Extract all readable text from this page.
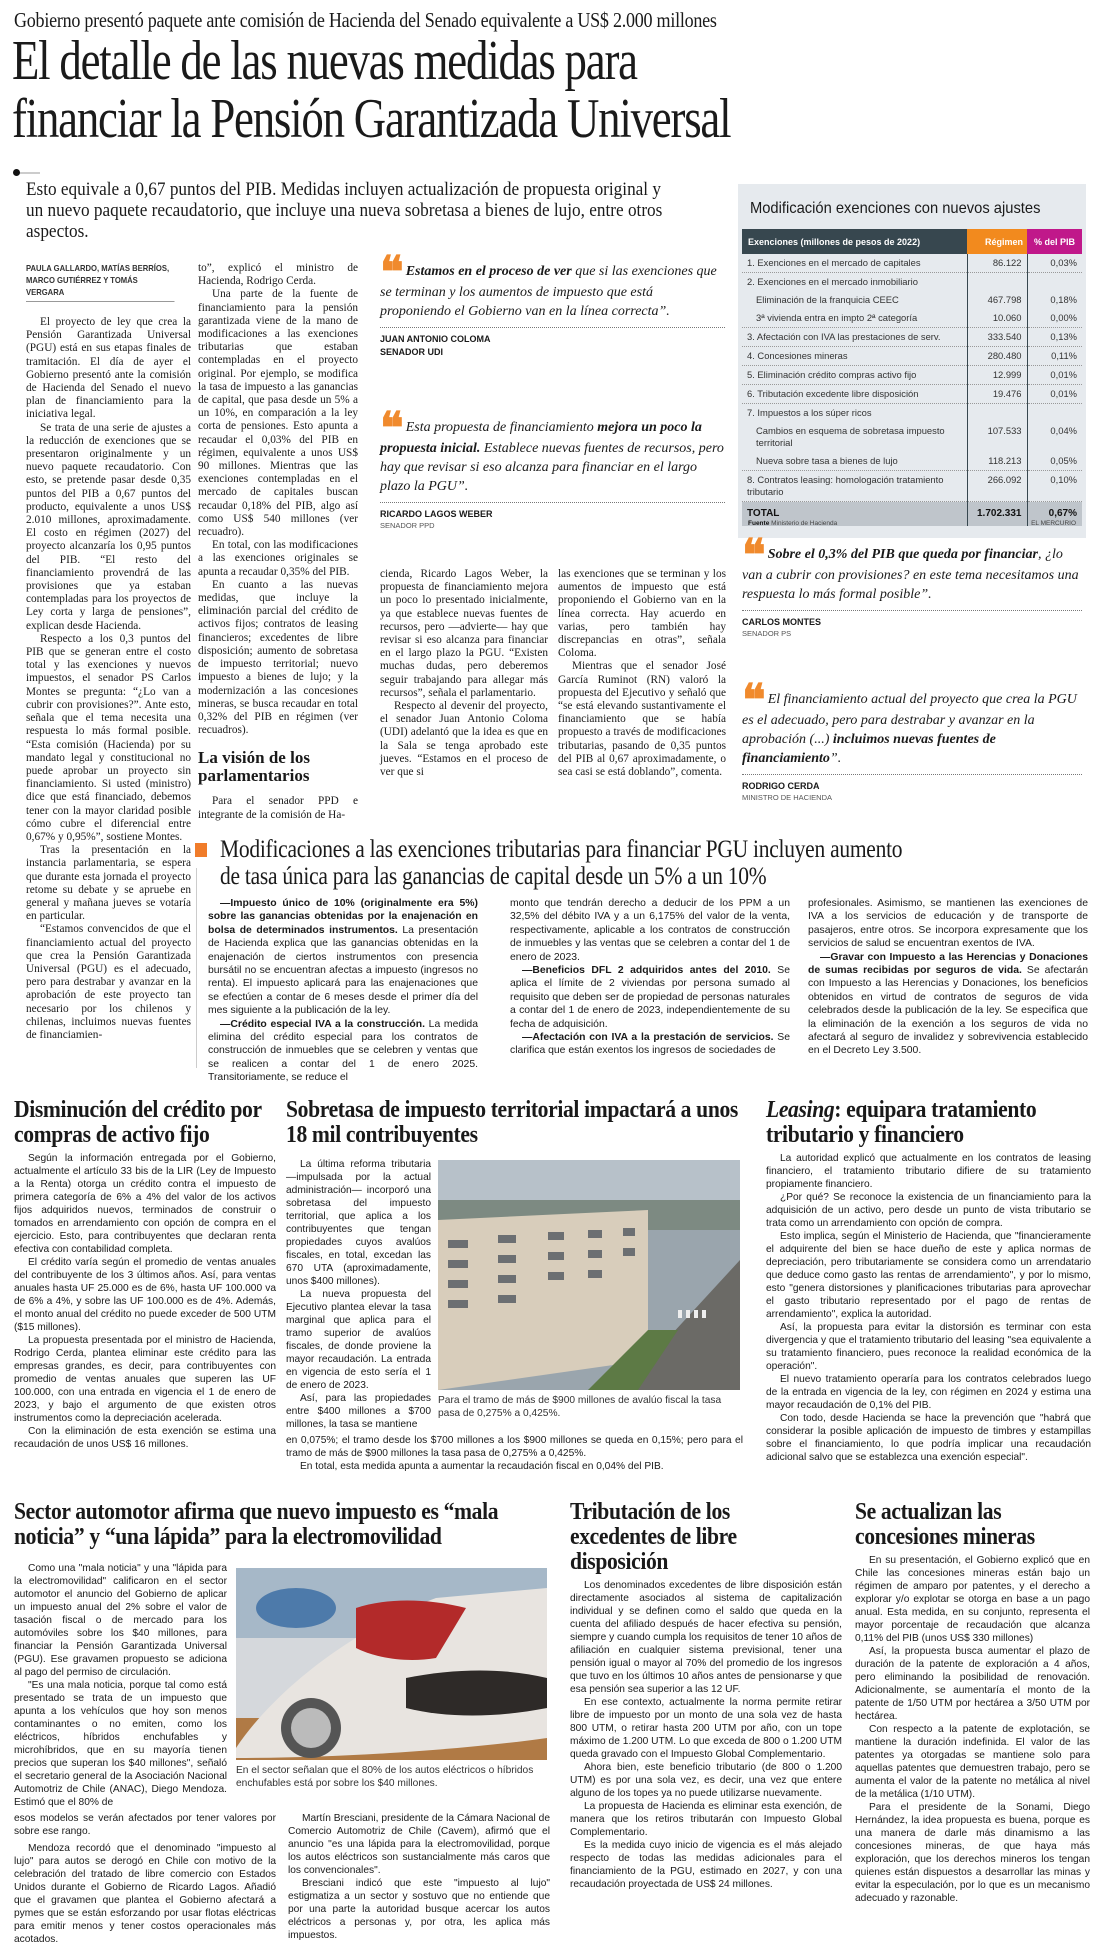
Gobierno presentó paquete ante comisión de Hacienda del Senado equivalente a US$ 2.000 millones
El detalle de las nuevas medidas para
financiar la Pensión Garantizada Universal
Esto equivale a 0,67 puntos del PIB. Medidas incluyen actualización de propuesta original y un nuevo paquete recaudatorio, que incluye una nueva sobretasa a bienes de lujo, entre otros aspectos.
PAULA GALLARDO, MATÍAS BERRÍOS,
MARCO GUTIÉRREZ Y TOMÁS VERGARA

El proyecto de ley que crea la Pensión Garantizada Universal (PGU) está en sus etapas finales de tramitación. El día de ayer el Gobierno presentó ante la comisión de Hacienda del Senado el nuevo plan de financiamiento para la iniciativa legal.

Se trata de una serie de ajustes a la reducción de exenciones que se presentaron originalmente y un nuevo paquete recaudatorio. Con esto, se pretende pasar desde 0,35 puntos del PIB a 0,67 puntos del producto, equivalente a unos US$ 2.010 millones, aproximadamente. El costo en régimen (2027) del proyecto alcanzaría los 0,95 puntos del PIB. “El resto del financiamiento provendrá de las provisiones que ya estaban contempladas para los proyectos de Ley corta y larga de pensiones”, explican desde Hacienda.

Respecto a los 0,3 puntos del PIB que se generan entre el costo total y las exenciones y nuevos impuestos, el senador PS Carlos Montes se pregunta: “¿Lo van a cubrir con provisiones?”. Ante esto, señala que el tema necesita una respuesta lo más formal posible. “Esta comisión (Hacienda) por su mandato legal y constitucional no puede aprobar un proyecto sin financiamiento. Si usted (ministro) dice que está financiado, debemos tener con la mayor claridad posible cómo cubre el diferencial entre 0,67% y 0,95%”, sostiene Montes.

Tras la presentación en la instancia parlamentaria, se espera que durante esta jornada el proyecto retome su debate y se apruebe en general y mañana jueves se votaría en particular.

“Estamos convencidos de que el financiamiento actual del proyecto que crea la Pensión Garantizada Universal (PGU) es el adecuado, pero para destrabar y avanzar en la aprobación de este proyecto tan necesario por los chilenos y chilenas, incluimos nuevas fuentes de financiamien-

to”, explicó el ministro de Hacienda, Rodrigo Cerda.

Una parte de la fuente de financiamiento para la pensión garantizada viene de la mano de modificaciones a las exenciones tributarias que estaban contempladas en el proyecto original. Por ejemplo, se modifica la tasa de impuesto a las ganancias de capital, que pasa desde un 5% a un 10%, en comparación a la ley corta de pensiones. Esto apunta a recaudar el 0,03% del PIB en régimen, equivalente a unos US$ 90 millones. Mientras que las exenciones contempladas en el mercado de capitales buscan recaudar 0,18% del PIB, algo así como US$ 540 millones (ver recuadro).

En total, con las modificaciones a las exenciones originales se apunta a recaudar 0,35% del PIB.

En cuanto a las nuevas medidas, que incluye la eliminación parcial del crédito de activos fijos; contratos de leasing financieros; excedentes de libre disposición; aumento de sobretasa de impuesto territorial; nuevo impuesto a bienes de lujo; y la modernización a las concesiones mineras, se busca recaudar en total 0,32% del PIB en régimen (ver recuadros).

La visión de los parlamentarios

Para el senador PPD e integrante de la comisión de Ha-

❝ Estamos en el proceso de ver que si las exenciones que se terminan y los aumentos de impuesto que está proponiendo el Gobierno van en la línea correcta”.
JUAN ANTONIO COLOMA
SENADOR UDI
❝ Esta propuesta de financiamiento mejora un poco la propuesta inicial. Establece nuevas fuentes de recursos, pero hay que revisar si eso alcanza para financiar en el largo plazo la PGU”.
RICARDO LAGOS WEBER
SENADOR PPD

cienda, Ricardo Lagos Weber, la propuesta de financiamiento mejora un poco lo presentado inicialmente, ya que establece nuevas fuentes de recursos, pero —advierte— hay que revisar si eso alcanza para financiar en el largo plazo la PGU. “Existen muchas dudas, pero deberemos seguir trabajando para allegar más recursos”, señala el parlamentario.

Respecto al devenir del proyecto, el senador Juan Antonio Coloma (UDI) adelantó que la idea es que en la Sala se tenga aprobado este jueves. “Estamos en el proceso de ver que si

las exenciones que se terminan y los aumentos de impuesto que está proponiendo el Gobierno van en la línea correcta. Hay acuerdo en varias, pero también hay discrepancias en otras”, señala Coloma.

Mientras que el senador José García Ruminot (RN) valoró la propuesta del Ejecutivo y señaló que “se está elevando sustantivamente el financiamiento que se había propuesto a través de modificaciones tributarias, pasando de 0,35 puntos del PIB al 0,67 aproximadamente, o sea casi se está doblando”, comenta.

Modificación exenciones con nuevos ajustes
Exenciones (millones de pesos de 2022)	Régimen	% del PIB
1. Exenciones en el mercado de capitales	86.122	0,03%
2. Exenciones en el mercado inmobiliario		
Eliminación de la franquicia CEEC	467.798	0,18%
3ª vivienda entra en impto 2ª categoría	10.060	0,00%
3. Afectación con IVA las prestaciones de serv.	333.540	0,13%
4. Concesiones mineras	280.480	0,11%
5. Eliminación crédito compras activo fijo	12.999	0,01%
6. Tributación excedente libre disposición	19.476	0,01%
7. Impuestos a los súper ricos		
Cambios en esquema de sobretasa impuesto territorial	107.533	0,04%
Nueva sobre tasa a bienes de lujo	118.213	0,05%
8. Contratos leasing: homologación tratamiento tributario	266.092	0,10%
TOTAL	1.702.331	0,67%
Fuente Ministerio de Hacienda	EL MERCURIO
❝ Sobre el 0,3% del PIB que queda por financiar, ¿lo van a cubrir con provisiones? en este tema necesitamos una respuesta lo más formal posible”.
CARLOS MONTES
SENADOR PS
❝ El financiamiento actual del proyecto que crea la PGU es el adecuado, pero para destrabar y avanzar en la aprobación (...) incluimos nuevas fuentes de financiamiento”.
RODRIGO CERDA
MINISTRO DE HACIENDA
Modificaciones a las exenciones tributarias para financiar PGU incluyen aumento
de tasa única para las ganancias de capital desde un 5% a un 10%

—Impuesto único de 10% (originalmente era 5%) sobre las ganancias obtenidas por la enajenación en bolsa de determinados instrumentos. La presentación de Hacienda explica que las ganancias obtenidas en la enajenación de ciertos instrumentos con presencia bursátil no se encuentran afectas a impuesto (ingresos no renta). El impuesto aplicará para las enajenaciones que se efectúen a contar de 6 meses desde el primer día del mes siguiente a la publicación de la ley.

—Crédito especial IVA a la construcción. La medida elimina del crédito especial para los contratos de construcción de inmuebles que se celebren y ventas que se realicen a contar del 1 de enero 2025. Transitoriamente, se reduce el

monto que tendrán derecho a deducir de los PPM a un 32,5% del débito IVA y a un 6,175% del valor de la venta, respectivamente, aplicable a los contratos de construcción de inmuebles y las ventas que se celebren a contar del 1 de enero de 2023.

—Beneficios DFL 2 adquiridos antes del 2010. Se aplica el límite de 2 viviendas por persona sumado al requisito que deben ser de propiedad de personas naturales a contar del 1 de enero de 2023, independientemente de su fecha de adquisición.

—Afectación con IVA a la prestación de servicios. Se clarifica que están exentos los ingresos de sociedades de

profesionales. Asimismo, se mantienen las exenciones de IVA a los servicios de educación y de transporte de pasajeros, entre otros. Se incorpora expresamente que los servicios de salud se encuentran exentos de IVA.

—Gravar con Impuesto a las Herencias y Donaciones de sumas recibidas por seguros de vida. Se afectarán con Impuesto a las Herencias y Donaciones, los beneficios obtenidos en virtud de contratos de seguros de vida celebrados desde la publicación de la ley. Se especifica que la eliminación de la exención a los seguros de vida no afectará al seguro de invalidez y sobrevivencia establecido en el Decreto Ley 3.500.

Disminución del crédito por compras de activo fijo

Según la información entregada por el Gobierno, actualmente el artículo 33 bis de la LIR (Ley de Impuesto a la Renta) otorga un crédito contra el impuesto de primera categoría de 6% a 4% del valor de los activos fijos adquiridos nuevos, terminados de construir o tomados en arrendamiento con opción de compra en el ejercicio. Esto, para contribuyentes que declaran renta efectiva con contabilidad completa.

El crédito varía según el promedio de ventas anuales del contribuyente de los 3 últimos años. Así, para ventas anuales hasta UF 25.000 es de 6%, hasta UF 100.000 va de 6% a 4%, y sobre las UF 100.000 es de 4%. Además, el monto anual del crédito no puede exceder de 500 UTM ($15 millones).

La propuesta presentada por el ministro de Hacienda, Rodrigo Cerda, plantea eliminar este crédito para las empresas grandes, es decir, para contribuyentes con promedio de ventas anuales que superen las UF 100.000, con una entrada en vigencia el 1 de enero de 2023, y bajo el argumento de que existen otros instrumentos como la depreciación acelerada.

Con la eliminación de esta exención se estima una recaudación de unos US$ 16 millones.

Sobretasa de impuesto territorial impactará a unos 18 mil contribuyentes

La última reforma tributaria —impulsada por la actual administración— incorporó una sobretasa del impuesto territorial, que aplica a los contribuyentes que tengan propiedades cuyos avalúos fiscales, en total, excedan las 670 UTA (aproximadamente, unos $400 millones).

La nueva propuesta del Ejecutivo plantea elevar la tasa marginal que aplica para el tramo superior de avalúos fiscales, de donde proviene la mayor recaudación. La entrada en vigencia de esto sería el 1 de enero de 2023.

Así, para las propiedades entre $400 millones a $700 millones, la tasa se mantiene

Para el tramo de más de $900 millones de avalúo fiscal la tasa pasa de 0,275% a 0,425%.
en 0,075%; el tramo desde los $700 millones a los $900 millones se queda en 0,15%; pero para el tramo de más de $900 millones la tasa pasa de 0,275% a 0,425%.

En total, esta medida apunta a aumentar la recaudación fiscal en 0,04% del PIB.

Leasing: equipara tratamiento tributario y financiero

La autoridad explicó que actualmente en los contratos de leasing financiero, el tratamiento tributario difiere de su tratamiento propiamente financiero.

¿Por qué? Se reconoce la existencia de un financiamiento para la adquisición de un activo, pero desde un punto de vista tributario se trata como un arrendamiento con opción de compra.

Esto implica, según el Ministerio de Hacienda, que "financieramente el adquirente del bien se hace dueño de este y aplica normas de depreciación, pero tributariamente se considera como un arrendatario que deduce como gasto las rentas de arrendamiento", y por lo mismo, esto "genera distorsiones y planificaciones tributarias para aprovechar el gasto tributario representado por el pago de rentas de arrendamiento", explica la autoridad.

Así, la propuesta para evitar la distorsión es terminar con esta divergencia y que el tratamiento tributario del leasing "sea equivalente a su tratamiento financiero, pues reconoce la realidad económica de la operación".

El nuevo tratamiento operaría para los contratos celebrados luego de la entrada en vigencia de la ley, con régimen en 2024 y estima una mayor recaudación de 0,1% del PIB.

Con todo, desde Hacienda se hace la prevención que "habrá que considerar la posible aplicación de impuesto de timbres y estampillas sobre el financiamiento, lo que podría implicar una recaudación adicional salvo que se establezca una exención especial".

Sector automotor afirma que nuevo impuesto es “mala
noticia” y “una lápida” para la electromovilidad

Como una "mala noticia" y una "lápida para la electromovilidad" calificaron en el sector automotor el anuncio del Gobierno de aplicar un impuesto anual del 2% sobre el valor de tasación fiscal o de mercado para los automóviles sobre los $40 millones, para financiar la Pensión Garantizada Universal (PGU). Ese gravamen propuesto se adiciona al pago del permiso de circulación.

"Es una mala noticia, porque tal como está presentado se trata de un impuesto que apunta a los vehículos que hoy son menos contaminantes o no emiten, como los eléctricos, híbridos enchufables y microhíbridos, que en su mayoría tienen precios que superan los $40 millones", señaló el secretario general de la Asociación Nacional Automotriz de Chile (ANAC), Diego Mendoza. Estimó que el 80% de

En el sector señalan que el 80% de los autos eléctricos o híbridos enchufables está por sobre los $40 millones.
esos modelos se verán afectados por tener valores por sobre ese rango.

Mendoza recordó que el denominado "impuesto al lujo" para autos se derogó en Chile con motivo de la celebración del tratado de libre comercio con Estados Unidos durante el Gobierno de Ricardo Lagos. Añadió que el gravamen que plantea el Gobierno afectará a pymes que se están esforzando por usar flotas eléctricas para emitir menos y tener costos operacionales más acotados.

Martín Bresciani, presidente de la Cámara Nacional de Comercio Automotriz de Chile (Cavem), afirmó que el anuncio "es una lápida para la electromovilidad, porque los autos eléctricos son sustancialmente más caros que los convencionales".

Bresciani indicó que este "impuesto al lujo" estigmatiza a un sector y sostuvo que no entiende que por una parte la autoridad busque acercar los autos eléctricos a personas y, por otra, les aplica más impuestos.

Tributación de los excedentes de libre disposición

Los denominados excedentes de libre disposición están directamente asociados al sistema de capitalización individual y se definen como el saldo que queda en la cuenta del afiliado después de hacer efectiva su pensión, siempre y cuando cumpla los requisitos de tener 10 años de afiliación en cualquier sistema previsional, tener una pensión igual o mayor al 70% del promedio de los ingresos que tuvo en los últimos 10 años antes de pensionarse y que esa pensión sea superior a las 12 UF.

En ese contexto, actualmente la norma permite retirar libre de impuesto por un monto de una sola vez de hasta 800 UTM, o retirar hasta 200 UTM por año, con un tope máximo de 1.200 UTM. Lo que exceda de 800 o 1.200 UTM queda gravado con el Impuesto Global Complementario.

Ahora bien, este beneficio tributario (de 800 o 1.200 UTM) es por una sola vez, es decir, una vez que entere alguno de los topes ya no puede utilizarse nuevamente.

La propuesta de Hacienda es eliminar esta exención, de manera que los retiros tributarán con Impuesto Global Complementario.

Es la medida cuyo inicio de vigencia es el más alejado respecto de todas las medidas adicionales para el financiamiento de la PGU, estimado en 2027, y con una recaudación proyectada de US$ 24 millones.

Se actualizan las concesiones mineras

En su presentación, el Gobierno explicó que en Chile las concesiones mineras están bajo un régimen de amparo por patentes, y el derecho a explorar y/o explotar se otorga en base a un pago anual. Esta medida, en su conjunto, representa el mayor porcentaje de recaudación que alcanza 0,11% del PIB (unos US$ 330 millones)

Así, la propuesta busca aumentar el plazo de duración de la patente de exploración a 4 años, pero eliminando la posibilidad de renovación. Adicionalmente, se aumentaría el monto de la patente de 1/50 UTM por hectárea a 3/50 UTM por hectárea.

Con respecto a la patente de explotación, se mantiene la duración indefinida. El valor de las patentes ya otorgadas se mantiene solo para aquellas patentes que demuestren trabajo, pero se aumenta el valor de la patente no metálica al nivel de la metálica (1/10 UTM).

Para el presidente de la Sonami, Diego Hernández, la idea propuesta es buena, porque es una manera de darle más dinamismo a las concesiones mineras, de que haya más exploración, que los derechos mineros los tengan quienes están dispuestos a desarrollar las minas y evitar la especulación, por lo que es un mecanismo adecuado y razonable.
